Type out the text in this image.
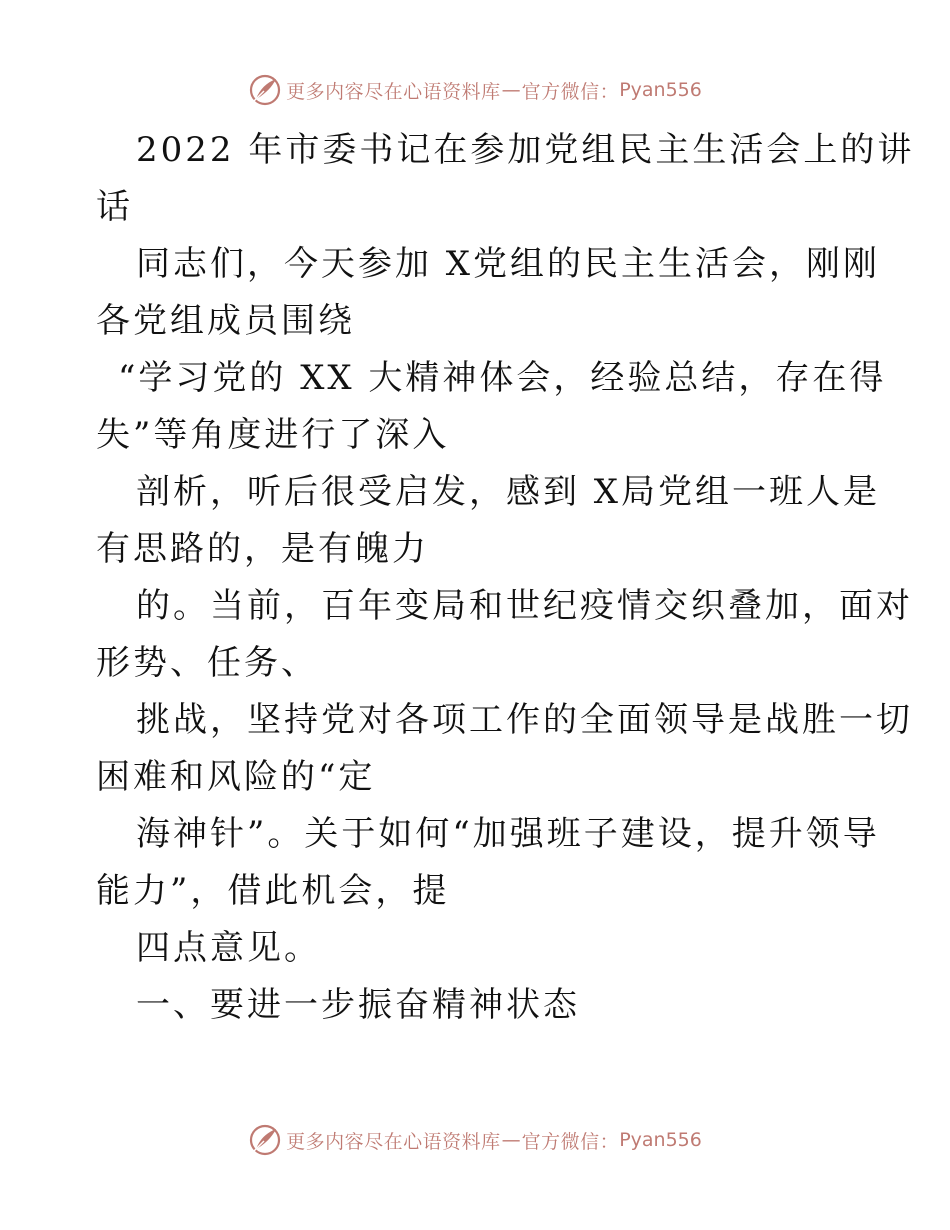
更多内容尽在心语资料库 — 官方微信： Pyan556
2022 年市委书记在参加党组民主生活会上的讲
话
同志们，今天参加 X党组的民主生活会，刚刚
各党组成员围绕
“学习党的 XX 大精神体会，经验总结，存在得
失”等角度进行了深入
剖析，听后很受启发，感到 X局党组一班人是
有思路的，是有魄力
的。当前，百年变局和世纪疫情交织叠加，面对
形势、任务、
挑战，坚持党对各项工作的全面领导是战胜一切
困难和风险的“定
海神针”。关于如何“加强班子建设，提升领导
能力”，借此机会，提
四点意见。
一、要进一步振奋精神状态
更多内容尽在心语资料库 — 官方微信： Pyan556
